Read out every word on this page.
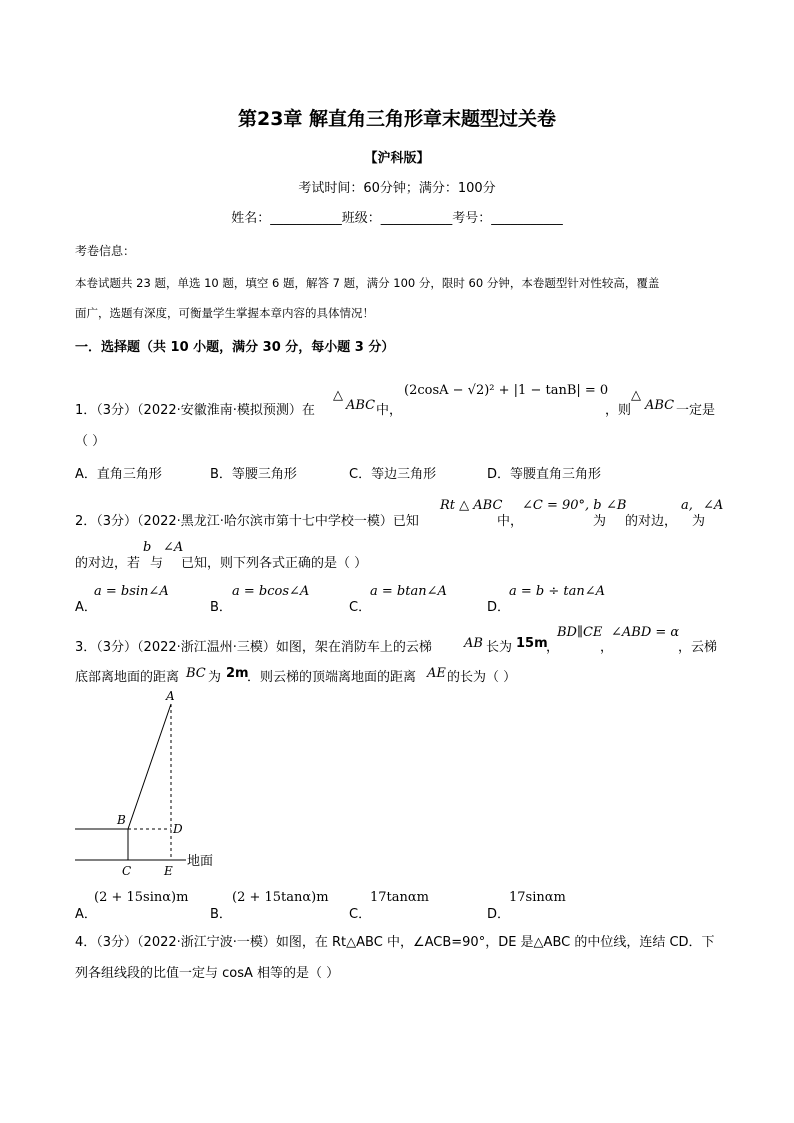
第23章 解直角三角形章末题型过关卷
【沪科版】
考试时间：60分钟；满分：100分
姓名：___________班级：___________考号：___________
考卷信息：
本卷试题共 23 题，单选 10 题，填空 6 题，解答 7 题，满分 100 分，限时 60 分钟，本卷题型针对性较高，覆盖
面广，选题有深度，可衡量学生掌握本章内容的具体情况！
一．选择题（共 10 小题，满分 30 分，每小题 3 分）
1．（3分）（2022·安徽淮南·模拟预测）在
△
ABC 中，
(2cosA − √2)² + |1 − tanB| = 0
，则
△
ABC 一定是
（ ）
A．直角三角形	B．等腰三角形	C．等边三角形	D．等腰直角三角形
2．（3分）（2022·黑龙江·哈尔滨市第十七中学校一模）已知
Rt △ ABC
中，
∠C = 90°, b
为
∠B
的对边，
a, ∠A
为
的对边，若
b
与
∠A
已知，则下列各式正确的是（ ）
A．
a = bsin∠A
B．
a = bcos∠A
C．
a = btan∠A
D．
a = b ÷ tan∠A
3．（3分）（2022·浙江温州·三模）如图，架在消防车上的云梯 AB 长为 15m
，
BD∥CE
，
∠ABD = α
，云梯
底部离地面的距离 BC 为 2m
．则云梯的顶端离地面的距离 AE 的长为（ ）
A
B
D
C	E
地面
A．
(2 + 15sinα)m
B．
(2 + 15tanα)m
C．
17tanαm
D．
17sinαm
4．（3分）（2022·浙江宁波·一模）如图，在 Rt△ABC 中，∠ACB=90°，DE 是△ABC 的中位线，连结 CD．下
列各组线段的比值一定与 cosA 相等的是（ ）
